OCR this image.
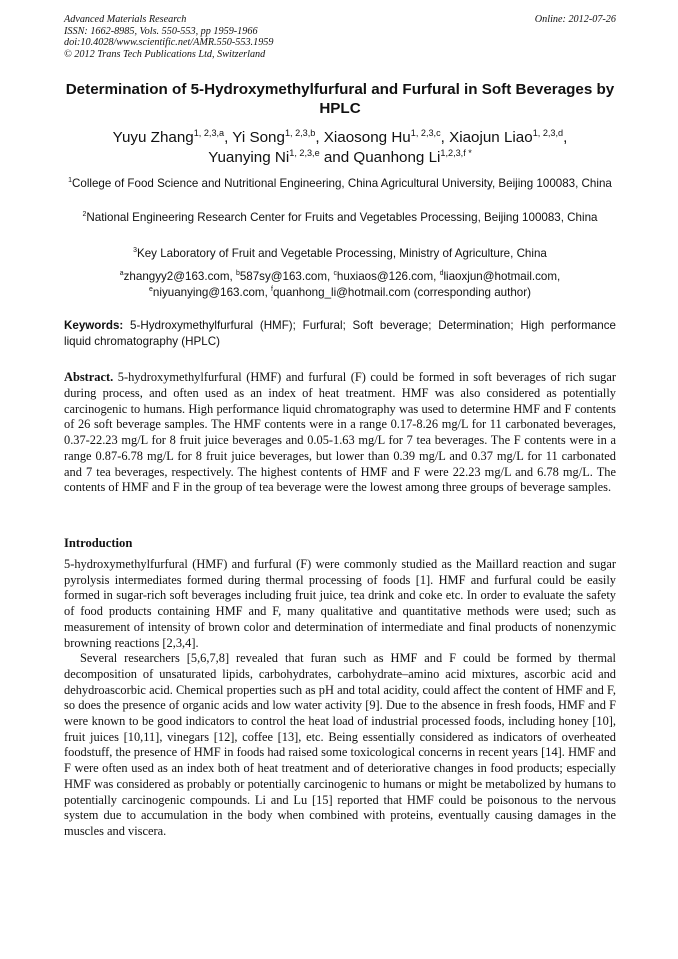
Advanced Materials Research
ISSN: 1662-8985, Vols. 550-553, pp 1959-1966
doi:10.4028/www.scientific.net/AMR.550-553.1959
© 2012 Trans Tech Publications Ltd, Switzerland
Online: 2012-07-26
Determination of 5-Hydroxymethylfurfural and Furfural in Soft Beverages by HPLC
Yuyu Zhang$^{1, 2,3,a}$, Yi Song$^{1, 2,3,b}$, Xiaosong Hu$^{1, 2,3,c}$, Xiaojun Liao$^{1, 2,3,d}$,
Yuanying Ni$^{1, 2,3,e}$ and Quanhong $Li^{1,2,3,f *}$
$^1$College of Food Science and Nutritional Engineering, China Agricultural University, Beijing 100083, China
$^2$National Engineering Research Center for Fruits and Vegetables Processing, Beijing 100083, China
$^3$Key Laboratory of Fruit and Vegetable Processing, Ministry of Agriculture, China
$^a$zhangyy2@163.com, $^b$587sy@163.com, $^c$huxiaos@126.com, $^d$liaoxjun@hotmail.com,
$^e$niyuanying@163.com, $^f$quanhong_li@hotmail.com (corresponding author)
Keywords: 5-Hydroxymethylfurfural (HMF); Furfural; Soft beverage; Determination; High performance liquid chromatography (HPLC)
Abstract. 5-hydroxymethylfurfural (HMF) and furfural (F) could be formed in soft beverages of rich sugar during process, and often used as an index of heat treatment. HMF was also considered as potentially carcinogenic to humans. High performance liquid chromatography was used to determine HMF and F contents of 26 soft beverage samples. The HMF contents were in a range 0.17-8.26 mg/L for 11 carbonated beverages, 0.37-22.23 mg/L for 8 fruit juice beverages and 0.05-1.63 mg/L for 7 tea beverages. The F contents were in a range 0.87-6.78 mg/L for 8 fruit juice beverages, but lower than 0.39 mg/L and 0.37 mg/L for 11 carbonated and 7 tea beverages, respectively. The highest contents of HMF and F were 22.23 mg/L and 6.78 mg/L. The contents of HMF and F in the group of tea beverage were the lowest among three groups of beverage samples.
Introduction

5-hydroxymethylfurfural (HMF) and furfural (F) were commonly studied as the Maillard reaction and sugar pyrolysis intermediates formed during thermal processing of foods [1]. HMF and furfural could be easily formed in sugar-rich soft beverages including fruit juice, tea drink and coke etc. In order to evaluate the safety of food products containing HMF and F, many qualitative and quantitative methods were used; such as measurement of intensity of brown color and determination of intermediate and final products of nonenzymic browning reactions [2,3,4].

Several researchers [5,6,7,8] revealed that furan such as HMF and F could be formed by thermal decomposition of unsaturated lipids, carbohydrates, carbohydrate–amino acid mixtures, ascorbic acid and dehydroascorbic acid. Chemical properties such as pH and total acidity, could affect the content of HMF and F, so does the presence of organic acids and low water activity [9]. Due to the absence in fresh foods, HMF and F were known to be good indicators to control the heat load of industrial processed foods, including honey [10], fruit juices [10,11], vinegars [12], coffee [13], etc. Being essentially considered as indicators of overheated foodstuff, the presence of HMF in foods had raised some toxicological concerns in recent years [14]. HMF and F were often used as an index both of heat treatment and of deteriorative changes in food products; especially HMF was considered as probably or potentially carcinogenic to humans or might be metabolized by humans to potentially carcinogenic compounds. Li and Lu [15] reported that HMF could be poisonous to the nervous system due to accumulation in the body when combined with proteins, eventually causing damages in the muscles and viscera.
